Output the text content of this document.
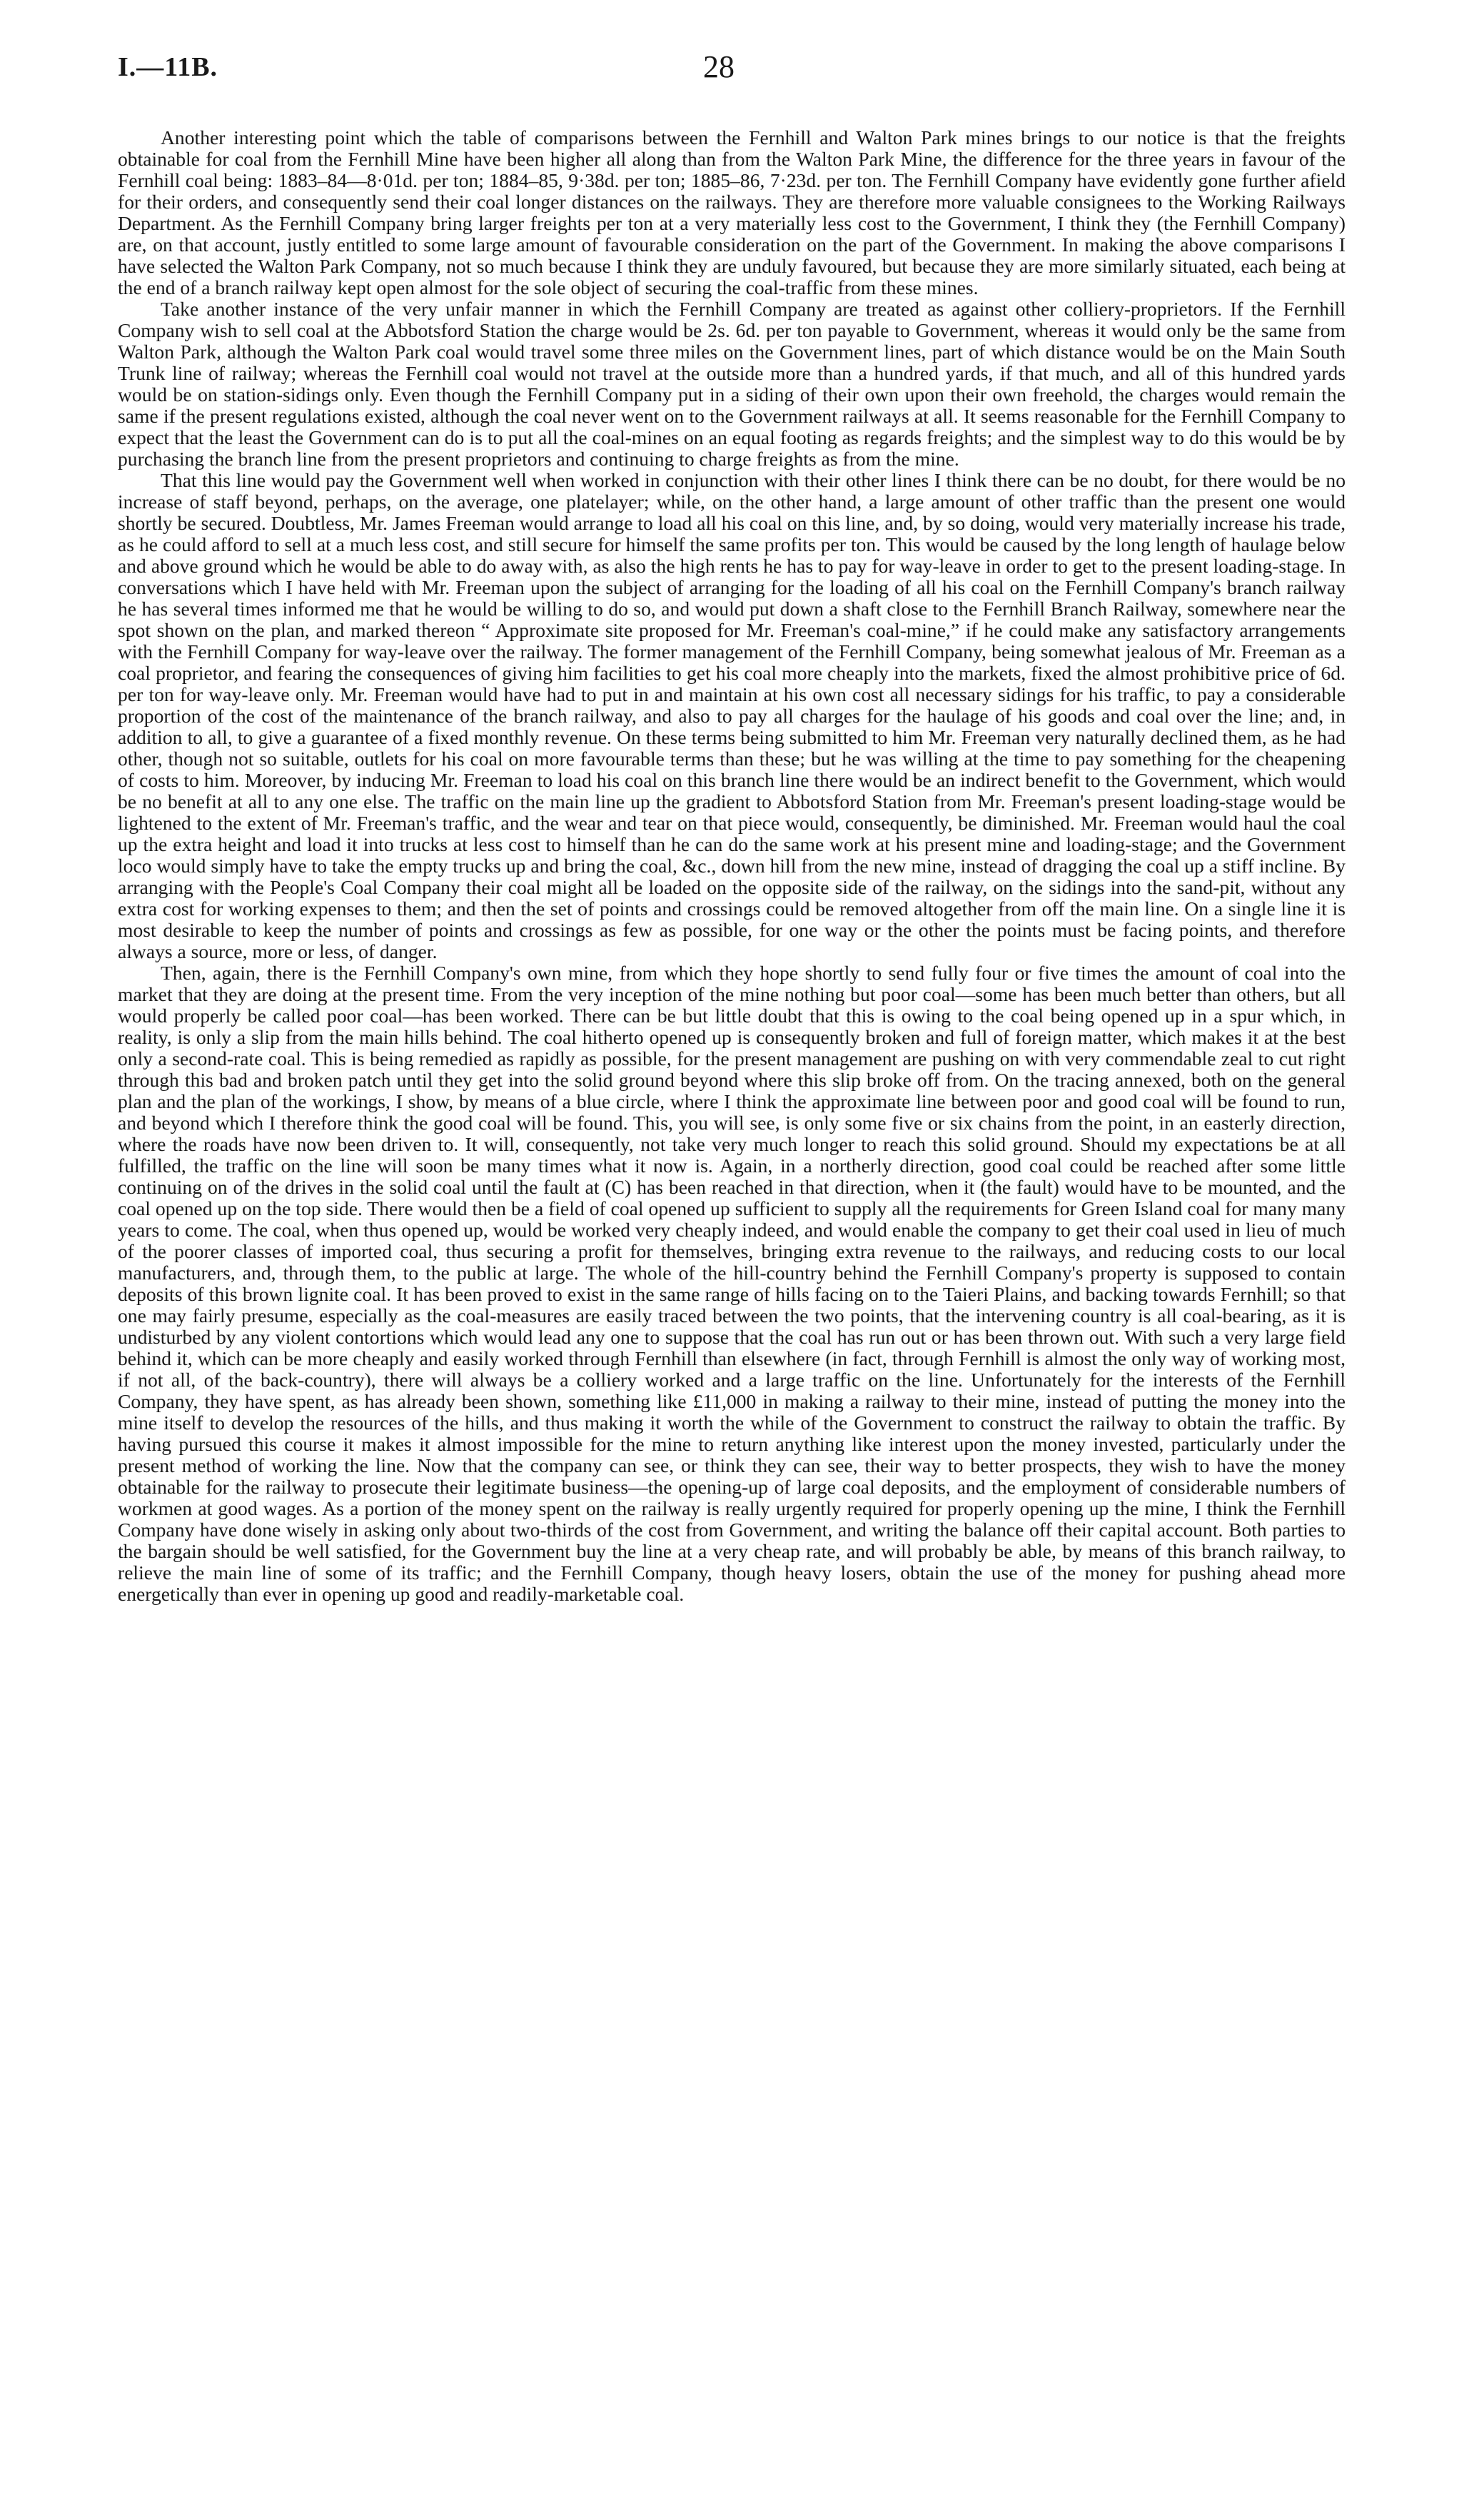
I.—11B.	28

Another interesting point which the table of comparisons between the Fernhill and Walton Park mines brings to our notice is that the freights obtainable for coal from the Fernhill Mine have been higher all along than from the Walton Park Mine, the difference for the three years in favour of the Fernhill coal being: 1883–84—8·01d. per ton; 1884–85, 9·38d. per ton; 1885–86, 7·23d. per ton. The Fernhill Company have evidently gone further afield for their orders, and consequently send their coal longer distances on the railways. They are therefore more valuable consignees to the Working Railways Department. As the Fernhill Company bring larger freights per ton at a very materially less cost to the Government, I think they (the Fernhill Company) are, on that account, justly entitled to some large amount of favourable consideration on the part of the Government. In making the above comparisons I have selected the Walton Park Company, not so much because I think they are unduly favoured, but because they are more similarly situated, each being at the end of a branch railway kept open almost for the sole object of securing the coal-traffic from these mines.

Take another instance of the very unfair manner in which the Fernhill Company are treated as against other colliery-proprietors. If the Fernhill Company wish to sell coal at the Abbotsford Station the charge would be 2s. 6d. per ton payable to Government, whereas it would only be the same from Walton Park, although the Walton Park coal would travel some three miles on the Government lines, part of which distance would be on the Main South Trunk line of railway; whereas the Fernhill coal would not travel at the outside more than a hundred yards, if that much, and all of this hundred yards would be on station-sidings only. Even though the Fernhill Company put in a siding of their own upon their own freehold, the charges would remain the same if the present regulations existed, although the coal never went on to the Government railways at all. It seems reasonable for the Fernhill Company to expect that the least the Government can do is to put all the coal-mines on an equal footing as regards freights; and the simplest way to do this would be by purchasing the branch line from the present proprietors and continuing to charge freights as from the mine.

That this line would pay the Government well when worked in conjunction with their other lines I think there can be no doubt, for there would be no increase of staff beyond, perhaps, on the average, one platelayer; while, on the other hand, a large amount of other traffic than the present one would shortly be secured. Doubtless, Mr. James Freeman would arrange to load all his coal on this line, and, by so doing, would very materially increase his trade, as he could afford to sell at a much less cost, and still secure for himself the same profits per ton. This would be caused by the long length of haulage below and above ground which he would be able to do away with, as also the high rents he has to pay for way-leave in order to get to the present loading-stage. In conversations which I have held with Mr. Freeman upon the subject of arranging for the loading of all his coal on the Fernhill Company's branch railway he has several times informed me that he would be willing to do so, and would put down a shaft close to the Fernhill Branch Railway, somewhere near the spot shown on the plan, and marked thereon “ Approximate site proposed for Mr. Freeman's coal-mine,” if he could make any satisfactory arrangements with the Fernhill Company for way-leave over the railway. The former management of the Fernhill Company, being somewhat jealous of Mr. Freeman as a coal proprietor, and fearing the consequences of giving him facilities to get his coal more cheaply into the markets, fixed the almost prohibitive price of 6d. per ton for way-leave only. Mr. Freeman would have had to put in and maintain at his own cost all necessary sidings for his traffic, to pay a considerable proportion of the cost of the maintenance of the branch railway, and also to pay all charges for the haulage of his goods and coal over the line; and, in addition to all, to give a guarantee of a fixed monthly revenue. On these terms being submitted to him Mr. Freeman very naturally declined them, as he had other, though not so suitable, outlets for his coal on more favourable terms than these; but he was willing at the time to pay something for the cheapening of costs to him. Moreover, by inducing Mr. Freeman to load his coal on this branch line there would be an indirect benefit to the Government, which would be no benefit at all to any one else. The traffic on the main line up the gradient to Abbotsford Station from Mr. Freeman's present loading-stage would be lightened to the extent of Mr. Freeman's traffic, and the wear and tear on that piece would, consequently, be diminished. Mr. Freeman would haul the coal up the extra height and load it into trucks at less cost to himself than he can do the same work at his present mine and loading-stage; and the Government loco would simply have to take the empty trucks up and bring the coal, &c., down hill from the new mine, instead of dragging the coal up a stiff incline. By arranging with the People's Coal Company their coal might all be loaded on the opposite side of the railway, on the sidings into the sand-pit, without any extra cost for working expenses to them; and then the set of points and crossings could be removed altogether from off the main line. On a single line it is most desirable to keep the number of points and crossings as few as possible, for one way or the other the points must be facing points, and therefore always a source, more or less, of danger.

Then, again, there is the Fernhill Company's own mine, from which they hope shortly to send fully four or five times the amount of coal into the market that they are doing at the present time. From the very inception of the mine nothing but poor coal—some has been much better than others, but all would properly be called poor coal—has been worked. There can be but little doubt that this is owing to the coal being opened up in a spur which, in reality, is only a slip from the main hills behind. The coal hitherto opened up is consequently broken and full of foreign matter, which makes it at the best only a second-rate coal. This is being remedied as rapidly as possible, for the present management are pushing on with very commendable zeal to cut right through this bad and broken patch until they get into the solid ground beyond where this slip broke off from. On the tracing annexed, both on the general plan and the plan of the workings, I show, by means of a blue circle, where I think the approximate line between poor and good coal will be found to run, and beyond which I therefore think the good coal will be found. This, you will see, is only some five or six chains from the point, in an easterly direction, where the roads have now been driven to. It will, consequently, not take very much longer to reach this solid ground. Should my expectations be at all fulfilled, the traffic on the line will soon be many times what it now is. Again, in a northerly direction, good coal could be reached after some little continuing on of the drives in the solid coal until the fault at (C) has been reached in that direction, when it (the fault) would have to be mounted, and the coal opened up on the top side. There would then be a field of coal opened up sufficient to supply all the requirements for Green Island coal for many many years to come. The coal, when thus opened up, would be worked very cheaply indeed, and would enable the company to get their coal used in lieu of much of the poorer classes of imported coal, thus securing a profit for themselves, bringing extra revenue to the railways, and reducing costs to our local manufacturers, and, through them, to the public at large. The whole of the hill-country behind the Fernhill Company's property is supposed to contain deposits of this brown lignite coal. It has been proved to exist in the same range of hills facing on to the Taieri Plains, and backing towards Fernhill; so that one may fairly presume, especially as the coal-measures are easily traced between the two points, that the intervening country is all coal-bearing, as it is undisturbed by any violent contortions which would lead any one to suppose that the coal has run out or has been thrown out. With such a very large field behind it, which can be more cheaply and easily worked through Fernhill than elsewhere (in fact, through Fernhill is almost the only way of working most, if not all, of the back-country), there will always be a colliery worked and a large traffic on the line. Unfortunately for the interests of the Fernhill Company, they have spent, as has already been shown, something like £11,000 in making a railway to their mine, instead of putting the money into the mine itself to develop the resources of the hills, and thus making it worth the while of the Government to construct the railway to obtain the traffic. By having pursued this course it makes it almost impossible for the mine to return anything like interest upon the money invested, particularly under the present method of working the line. Now that the company can see, or think they can see, their way to better prospects, they wish to have the money obtainable for the railway to prosecute their legitimate business—the opening-up of large coal deposits, and the employment of considerable numbers of workmen at good wages. As a portion of the money spent on the railway is really urgently required for properly opening up the mine, I think the Fernhill Company have done wisely in asking only about two-thirds of the cost from Government, and writing the balance off their capital account. Both parties to the bargain should be well satisfied, for the Government buy the line at a very cheap rate, and will probably be able, by means of this branch railway, to relieve the main line of some of its traffic; and the Fernhill Company, though heavy losers, obtain the use of the money for pushing ahead more energetically than ever in opening up good and readily-marketable coal.
